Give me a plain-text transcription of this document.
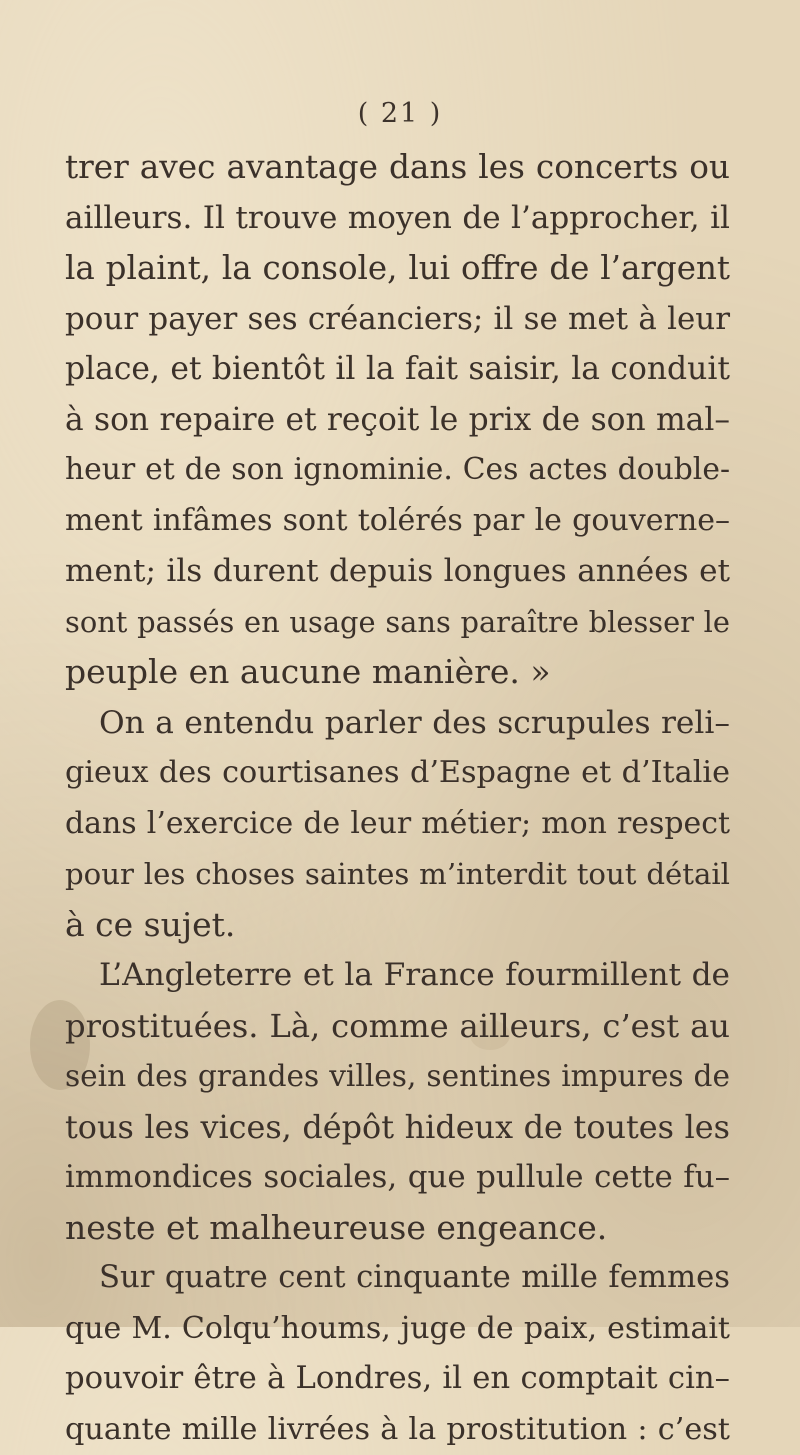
( 21 )
trer avec avantage dans les concerts ou
ailleurs. Il trouve moyen de l’approcher, il
la plaint, la console, lui offre de l’argent
pour payer ses créanciers; il se met à leur
place, et bientôt il la fait saisir, la conduit
à son repaire et reçoit le prix de son mal–
heur et de son ignominie. Ces actes double-
ment infâmes sont tolérés par le gouverne–
ment; ils durent depuis longues années et
sont passés en usage sans paraître blesser le
peuple en aucune manière. »
On a entendu parler des scrupules reli–
gieux des courtisanes d’Espagne et d’Italie
dans l’exercice de leur métier; mon respect
pour les choses saintes m’interdit tout détail
à ce sujet.
L’Angleterre et la France fourmillent de
prostituées. Là, comme ailleurs, c’est au
sein des grandes villes, sentines impures de
tous les vices, dépôt hideux de toutes les
immondices sociales, que pullule cette fu–
neste et malheureuse engeance.
Sur quatre cent cinquante mille femmes
que M. Colqu’houms, juge de paix, estimait
pouvoir être à Londres, il en comptait cin–
quante mille livrées à la prostitution : c’est
